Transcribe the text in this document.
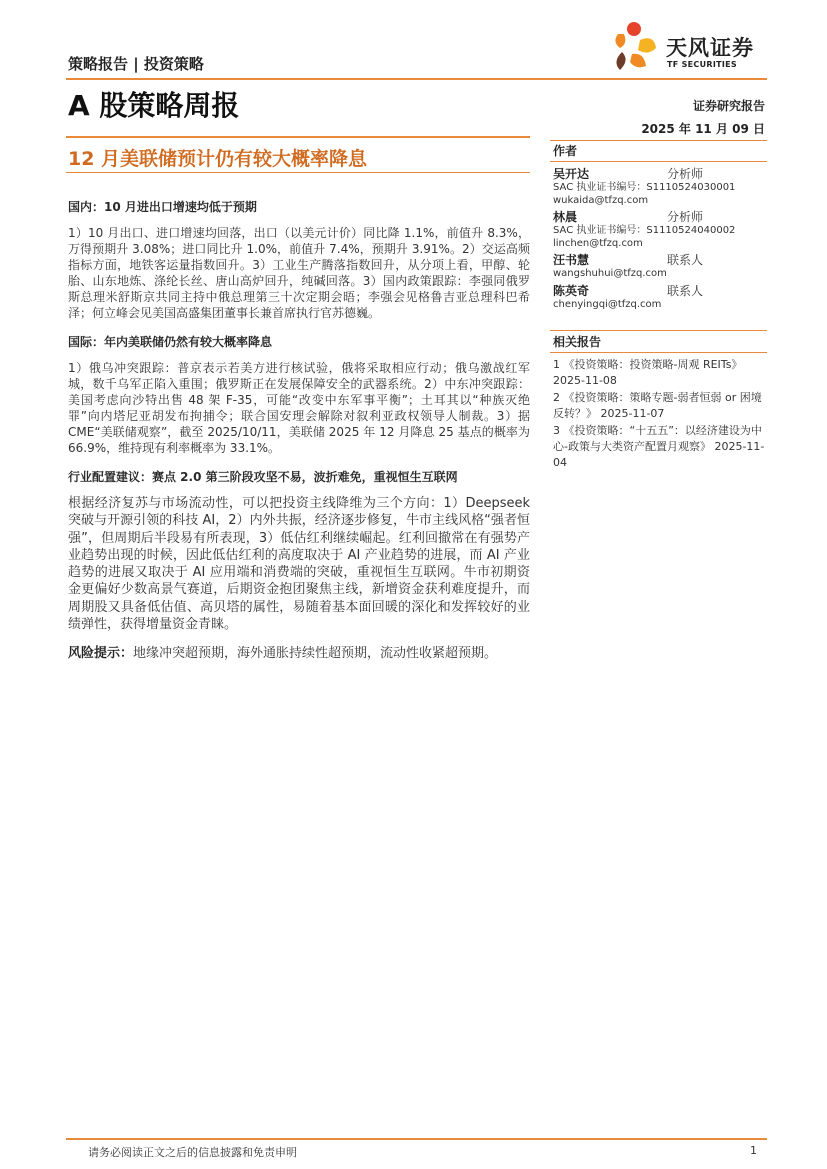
策略报告 | 投资策略
天风证券
TF SECURITIES
A 股策略周报	证券研究报告
2025 年 11 月 09 日
12 月美联储预计仍有较大概率降息
国内：10 月进出口增速均低于预期
1）10 月出口、进口增速均回落，出口（以美元计价）同比降 1.1%，前值升 8.3%，万得预期升 3.08%；进口同比升 1.0%，前值升 7.4%，预期升 3.91%。2）交运高频指标方面，地铁客运量指数回升。3）工业生产腾落指数回升，从分项上看，甲醇、轮胎、山东地炼、涤纶长丝、唐山高炉回升，纯碱回落。3）国内政策跟踪：李强同俄罗斯总理米舒斯京共同主持中俄总理第三十次定期会晤；李强会见格鲁吉亚总理科巴希泽；何立峰会见美国高盛集团董事长兼首席执行官苏德巍。
国际：年内美联储仍然有较大概率降息
1）俄乌冲突跟踪：普京表示若美方进行核试验，俄将采取相应行动；俄乌激战红军城，数千乌军正陷入重围；俄罗斯正在发展保障安全的武器系统。2）中东冲突跟踪：美国考虑向沙特出售 48 架 F-35，可能“改变中东军事平衡”；土耳其以“种族灭绝罪”向内塔尼亚胡发布拘捕令；联合国安理会解除对叙利亚政权领导人制裁。3）据 CME“美联储观察”，截至 2025/10/11，美联储 2025 年 12 月降息 25 基点的概率为 66.9%，维持现有利率概率为 33.1%。
行业配置建议：赛点 2.0 第三阶段攻坚不易，波折难免，重视恒生互联网
根据经济复苏与市场流动性，可以把投资主线降维为三个方向：1）Deepseek 突破与开源引领的科技 AI，2）内外共振，经济逐步修复，牛市主线风格“强者恒强”，但周期后半段易有所表现，3）低估红利继续崛起。红利回撤常在有强势产业趋势出现的时候，因此低估红利的高度取决于 AI 产业趋势的进展，而 AI 产业趋势的进展又取决于 AI 应用端和消费端的突破，重视恒生互联网。牛市初期资金更偏好少数高景气赛道，后期资金抱团聚焦主线，新增资金获利难度提升，而周期股又具备低估值、高贝塔的属性，易随着基本面回暖的深化和发挥较好的业绩弹性，获得增量资金青睐。
风险提示：地缘冲突超预期，海外通胀持续性超预期，流动性收紧超预期。
作者
吴开达	分析师
SAC 执业证书编号：S1110524030001
wukaida@tfzq.com
林晨	分析师
SAC 执业证书编号：S1110524040002
linchen@tfzq.com
汪书慧	联系人
wangshuhui@tfzq.com
陈英奇	联系人
chenyingqi@tfzq.com
相关报告
1 《投资策略：投资策略-周观 REITs》 2025-11-08
2 《投资策略：策略专题-弱者恒弱 or 困境反转？》 2025-11-07
3 《投资策略：“十五五”：以经济建设为中心-政策与大类资产配置月观察》 2025-11-04
请务必阅读正文之后的信息披露和免责申明	1
